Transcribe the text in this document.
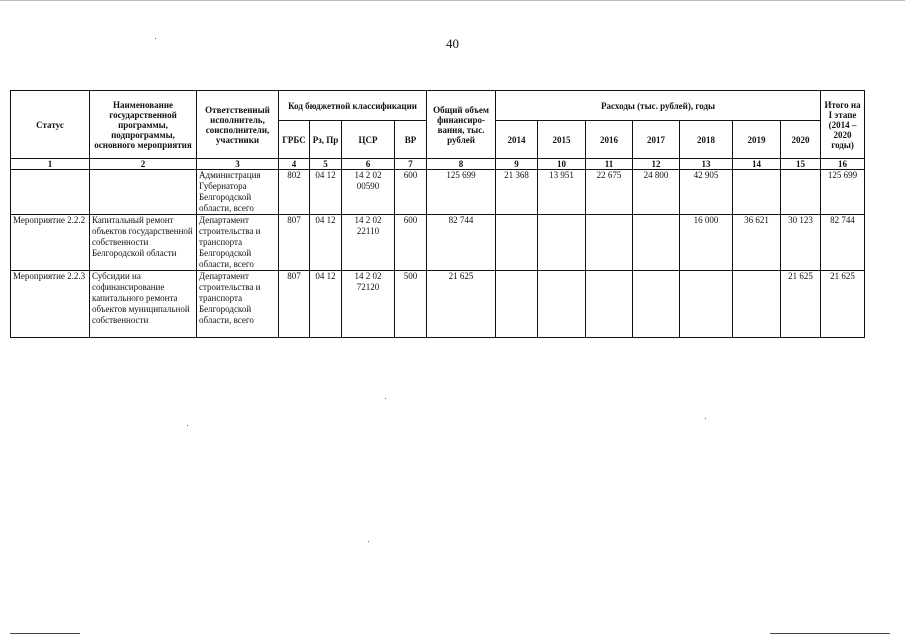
40
Статус	Наименование государственной программы, подпрограммы, основного мероприятия	Ответственный исполнитель, соисполнители, участники	Код бюджетной классификации				Общий объем финансиро-вания, тыс. рублей	Расходы (тыс. рублей), годы							Итого на I этапе (2014 – 2020 годы)
			ГРБС	Рз, Пр	ЦСР	ВР		2014	2015	2016	2017	2018	2019	2020	
1	2	3	4	5	6	7	8	9	10	11	12	13	14	15	16
		Администрация Губернатора Белгородской области, всего	802	04 12	14 2 02 00590	600	125 699	21 368	13 951	22 675	24 800	42 905			125 699
Мероприятие 2.2.2	Капитальный ремонт объектов государственной собственности Белгородской области	Департамент строительства и транспорта Белгородской области, всего	807	04 12	14 2 02 22110	600	82 744					16 000	36 621	30 123	82 744
Мероприятие 2.2.3	Субсидии на софинансирование капитального ремонта объектов муниципальной собственности	Департамент строительства и транспорта Белгородской области, всего	807	04 12	14 2 02 72120	500	21 625							21 625	21 625
